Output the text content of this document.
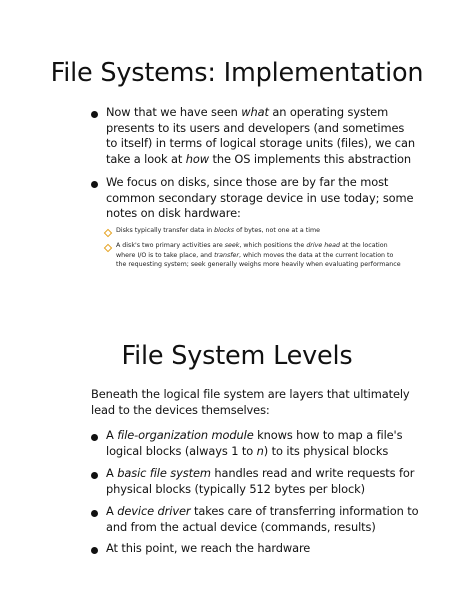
File Systems: Implementation
Now that we have seen what an operating system
presents to its users and developers (and sometimes
to itself) in terms of logical storage units (files), we can
take a look at how the OS implements this abstraction
We focus on disks, since those are by far the most
common secondary storage device in use today; some
notes on disk hardware:
Disks typically transfer data in blocks of bytes, not one at a time
A disk's two primary activities are seek, which positions the drive head at the location
where I/O is to take place, and transfer, which moves the data at the current location to
the requesting system; seek generally weighs more heavily when evaluating performance
File System Levels
Beneath the logical file system are layers that ultimately
lead to the devices themselves:
A file-organization module knows how to map a file's
logical blocks (always 1 to n) to its physical blocks
A basic file system handles read and write requests for
physical blocks (typically 512 bytes per block)
A device driver takes care of transferring information to
and from the actual device (commands, results)
At this point, we reach the hardware
